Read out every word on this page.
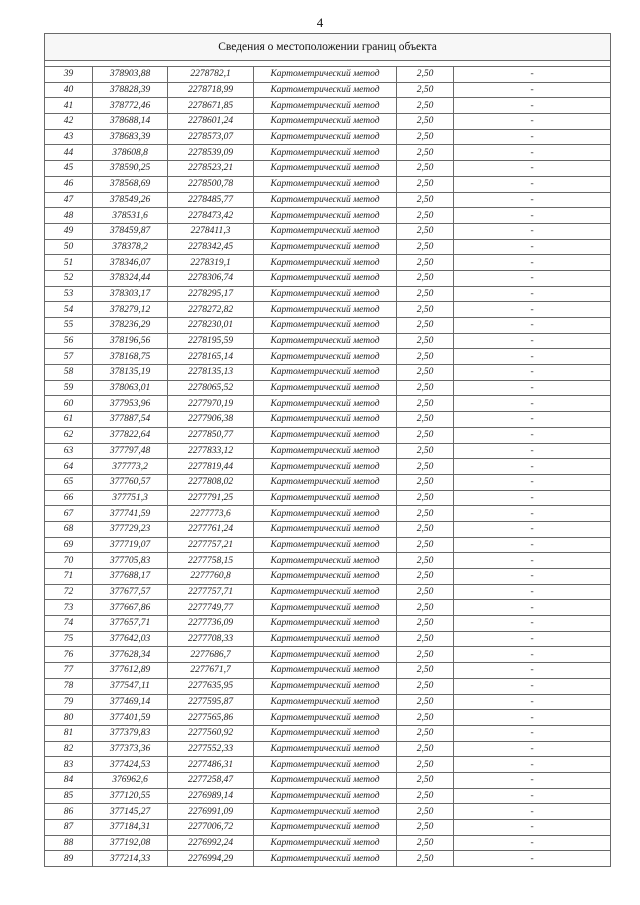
4
Сведения о местоположении границ объекта					

39	378903,88	2278782,1	Картометрический метод	2,50	-
40	378828,39	2278718,99	Картометрический метод	2,50	-
41	378772,46	2278671,85	Картометрический метод	2,50	-
42	378688,14	2278601,24	Картометрический метод	2,50	-
43	378683,39	2278573,07	Картометрический метод	2,50	-
44	378608,8	2278539,09	Картометрический метод	2,50	-
45	378590,25	2278523,21	Картометрический метод	2,50	-
46	378568,69	2278500,78	Картометрический метод	2,50	-
47	378549,26	2278485,77	Картометрический метод	2,50	-
48	378531,6	2278473,42	Картометрический метод	2,50	-
49	378459,87	2278411,3	Картометрический метод	2,50	-
50	378378,2	2278342,45	Картометрический метод	2,50	-
51	378346,07	2278319,1	Картометрический метод	2,50	-
52	378324,44	2278306,74	Картометрический метод	2,50	-
53	378303,17	2278295,17	Картометрический метод	2,50	-
54	378279,12	2278272,82	Картометрический метод	2,50	-
55	378236,29	2278230,01	Картометрический метод	2,50	-
56	378196,56	2278195,59	Картометрический метод	2,50	-
57	378168,75	2278165,14	Картометрический метод	2,50	-
58	378135,19	2278135,13	Картометрический метод	2,50	-
59	378063,01	2278065,52	Картометрический метод	2,50	-
60	377953,96	2277970,19	Картометрический метод	2,50	-
61	377887,54	2277906,38	Картометрический метод	2,50	-
62	377822,64	2277850,77	Картометрический метод	2,50	-
63	377797,48	2277833,12	Картометрический метод	2,50	-
64	377773,2	2277819,44	Картометрический метод	2,50	-
65	377760,57	2277808,02	Картометрический метод	2,50	-
66	377751,3	2277791,25	Картометрический метод	2,50	-
67	377741,59	2277773,6	Картометрический метод	2,50	-
68	377729,23	2277761,24	Картометрический метод	2,50	-
69	377719,07	2277757,21	Картометрический метод	2,50	-
70	377705,83	2277758,15	Картометрический метод	2,50	-
71	377688,17	2277760,8	Картометрический метод	2,50	-
72	377677,57	2277757,71	Картометрический метод	2,50	-
73	377667,86	2277749,77	Картометрический метод	2,50	-
74	377657,71	2277736,09	Картометрический метод	2,50	-
75	377642,03	2277708,33	Картометрический метод	2,50	-
76	377628,34	2277686,7	Картометрический метод	2,50	-
77	377612,89	2277671,7	Картометрический метод	2,50	-
78	377547,11	2277635,95	Картометрический метод	2,50	-
79	377469,14	2277595,87	Картометрический метод	2,50	-
80	377401,59	2277565,86	Картометрический метод	2,50	-
81	377379,83	2277560,92	Картометрический метод	2,50	-
82	377373,36	2277552,33	Картометрический метод	2,50	-
83	377424,53	2277486,31	Картометрический метод	2,50	-
84	376962,6	2277258,47	Картометрический метод	2,50	-
85	377120,55	2276989,14	Картометрический метод	2,50	-
86	377145,27	2276991,09	Картометрический метод	2,50	-
87	377184,31	2277006,72	Картометрический метод	2,50	-
88	377192,08	2276992,24	Картометрический метод	2,50	-
89	377214,33	2276994,29	Картометрический метод	2,50	-
